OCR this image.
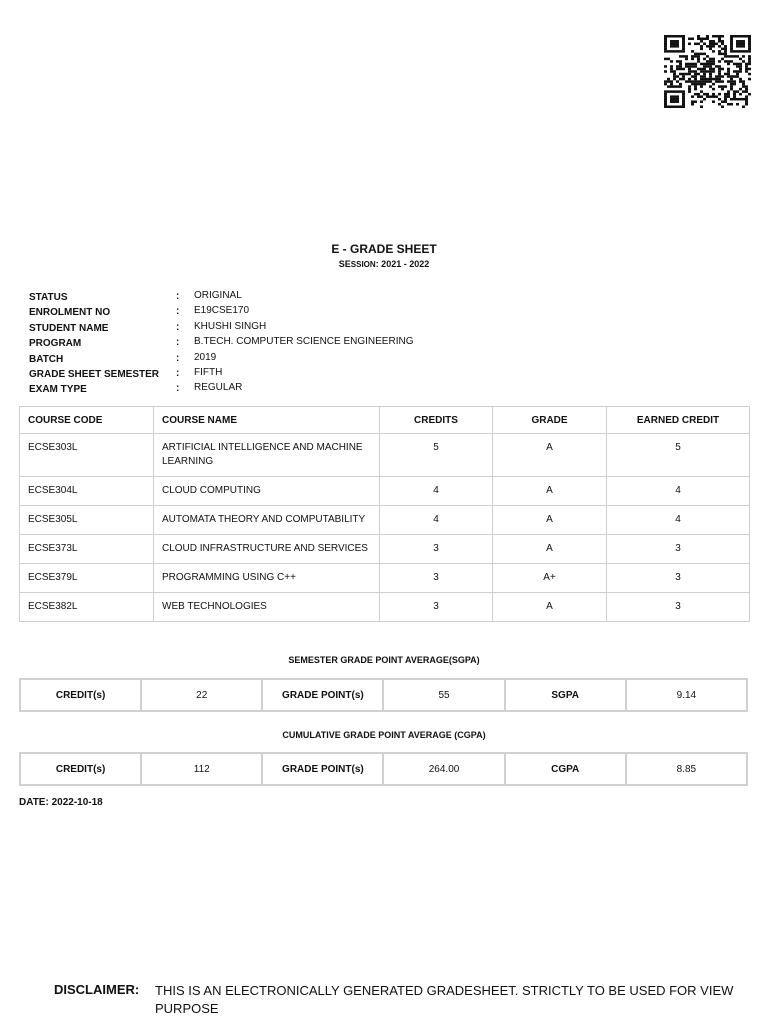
E - GRADE SHEET
SESSION: 2021 - 2022
STATUS	: ORIGINAL
ENROLMENT NO	: E19CSE170
STUDENT NAME	: KHUSHI SINGH
PROGRAM	: B.TECH. COMPUTER SCIENCE ENGINEERING
BATCH	: 2019
GRADE SHEET SEMESTER : FIFTH
EXAM TYPE	: REGULAR
COURSE CODE	COURSE NAME	CREDITS	GRADE	EARNED CREDIT
ECSE303L	ARTIFICIAL INTELLIGENCE AND MACHINE LEARNING	5	A	5
ECSE304L	CLOUD COMPUTING	4	A	4
ECSE305L	AUTOMATA THEORY AND COMPUTABILITY	4	A	4
ECSE373L	CLOUD INFRASTRUCTURE AND SERVICES	3	A	3
ECSE379L	PROGRAMMING USING C++	3	A+	3
ECSE382L	WEB TECHNOLOGIES	3	A	3
SEMESTER GRADE POINT AVERAGE(SGPA)
CREDIT(s)	22	GRADE POINT(s)	55	SGPA	9.14
CUMULATIVE GRADE POINT AVERAGE (CGPA)
CREDIT(s)	112	GRADE POINT(s)	264.00	CGPA	8.85
DATE: 2022-10-18
DISCLAIMER: THIS IS AN ELECTRONICALLY GENERATED GRADESHEET. STRICTLY TO BE USED FOR VIEW PURPOSE
